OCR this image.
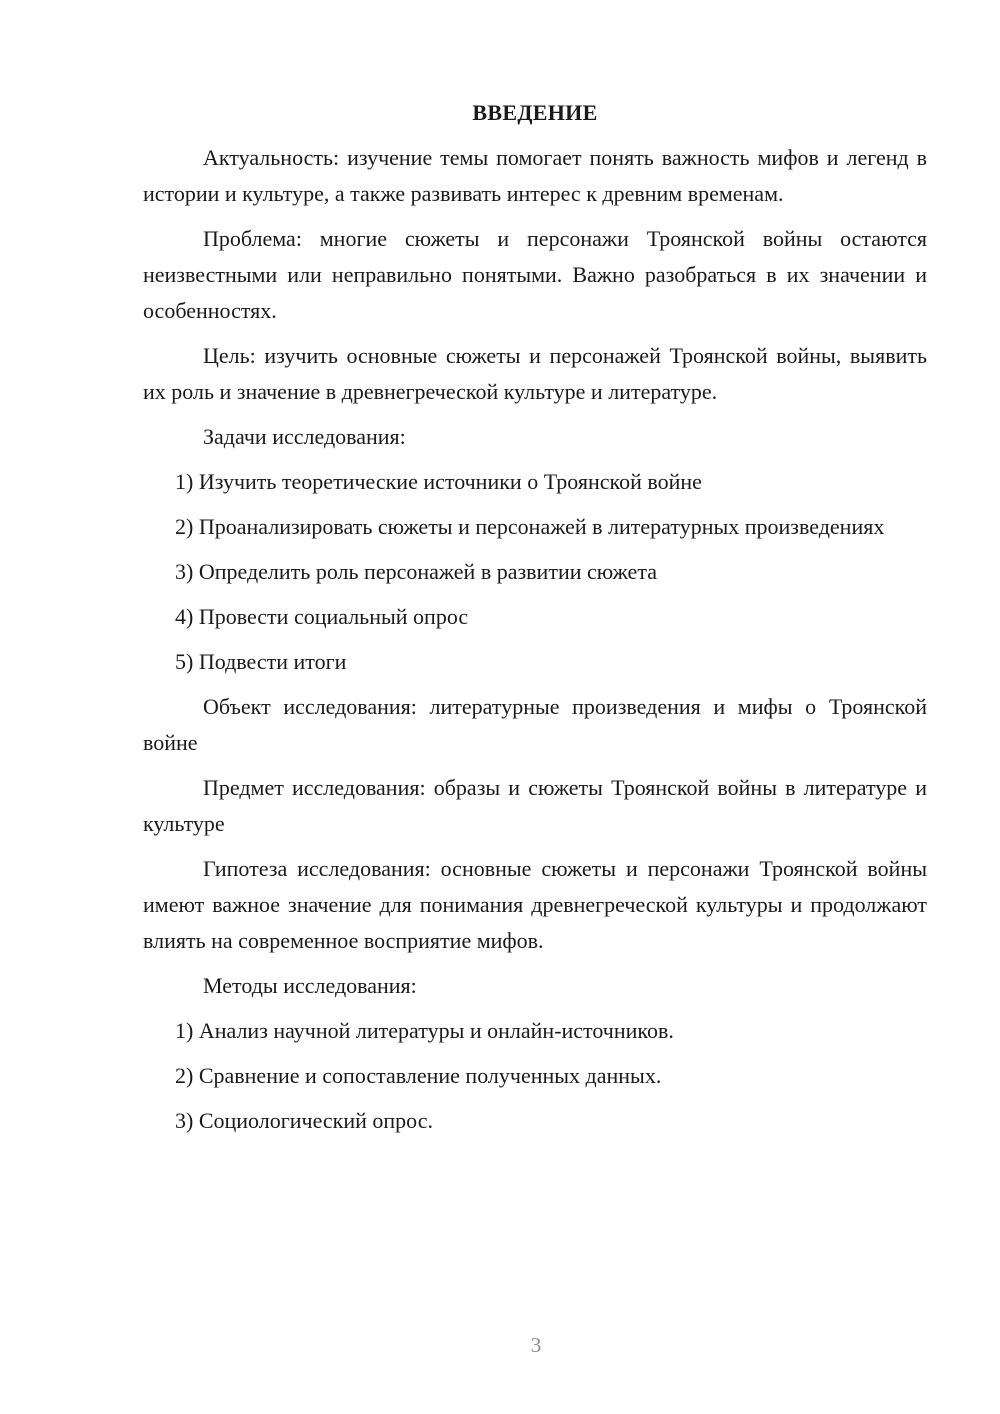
ВВЕДЕНИЕ
Актуальность: изучение темы помогает понять важность мифов и легенд в истории и культуре, а также развивать интерес к древним временам.
Проблема: многие сюжеты и персонажи Троянской войны остаются неизвестными или неправильно понятыми. Важно разобраться в их значении и особенностях.
Цель: изучить основные сюжеты и персонажей Троянской войны, выявить их роль и значение в древнегреческой культуре и литературе.
Задачи исследования:
1) Изучить теоретические источники о Троянской войне
2) Проанализировать сюжеты и персонажей в литературных произведениях
3) Определить роль персонажей в развитии сюжета
4) Провести социальный опрос
5) Подвести итоги
Объект исследования: литературные произведения и мифы о Троянской войне
Предмет исследования: образы и сюжеты Троянской войны в литературе и культуре
Гипотеза исследования: основные сюжеты и персонажи Троянской войны имеют важное значение для понимания древнегреческой культуры и продолжают влиять на современное восприятие мифов.
Методы исследования:
1) Анализ научной литературы и онлайн-источников.
2) Сравнение и сопоставление полученных данных.
3) Социологический опрос.
3
